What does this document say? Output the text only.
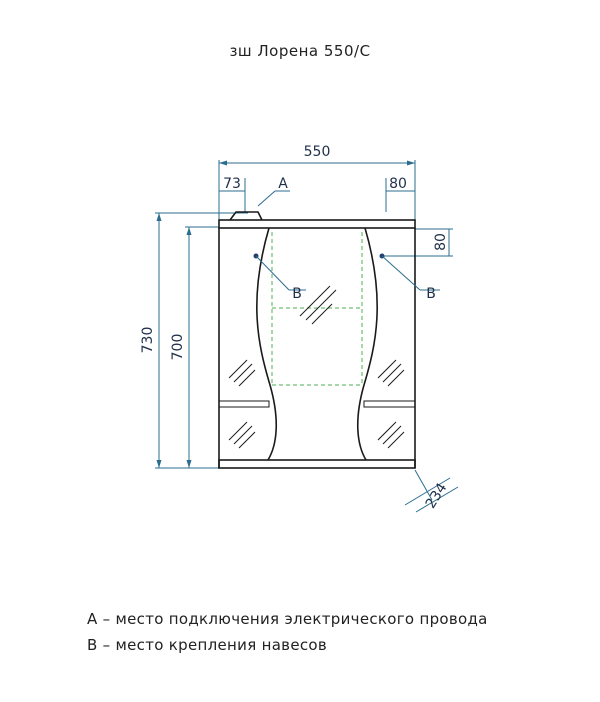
зш Лорена 550/С
550
73	A	80
80
730 700
234
B	B
А – место подключения электрического провода
В – место крепления навесов
